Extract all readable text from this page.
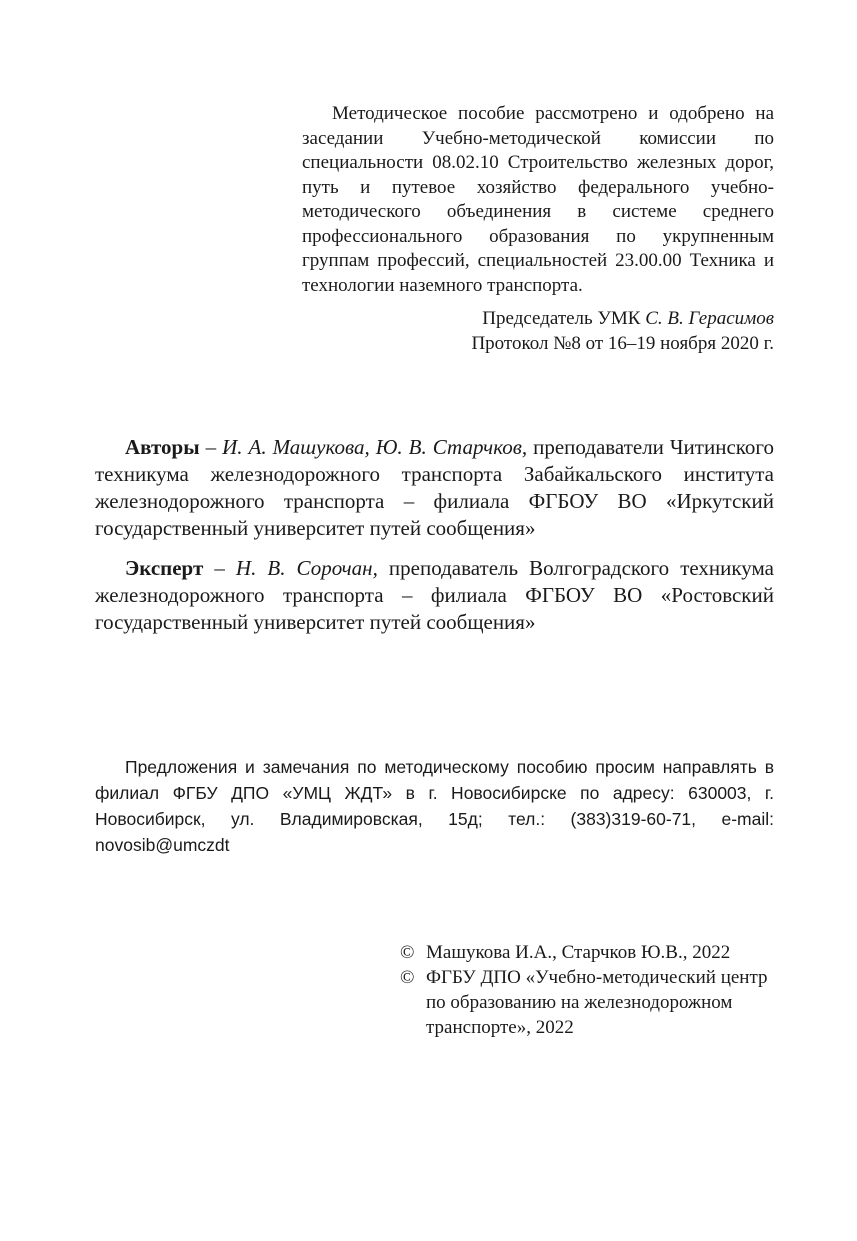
Методическое пособие рассмотрено и одобрено на заседании Учебно-методической комиссии по специальности 08.02.10 Строительство железных дорог, путь и путевое хозяйство федерального учебно-методического объединения в системе среднего профессионального образования по укрупненным группам профессий, специальностей 23.00.00 Техника и технологии наземного транспорта.
Председатель УМК С. В. Герасимов
Протокол №8 от 16–19 ноября 2020 г.

Авторы – И. А. Машукова, Ю. В. Старчков, преподаватели Читинского техникума железнодорожного транспорта Забайкальского института железнодорожного транспорта – филиала ФГБОУ ВО «Иркутский государственный университет путей сообщения»

Эксперт – Н. В. Сорочан, преподаватель Волгоградского техникума железнодорожного транспорта – филиала ФГБОУ ВО «Ростовский государственный университет путей сообщения»

Предложения и замечания по методическому пособию просим направлять в филиал ФГБУ ДПО «УМЦ ЖДТ» в г. Новосибирске по адресу: 630003, г. Новосибирск, ул. Владимировская, 15д; тел.: (383)319-60-71, e-mail: novosib@umczdt

© Машукова И.А., Старчков Ю.В., 2022
© ФГБУ ДПО «Учебно-методический центр по образованию на железнодорожном транспорте», 2022
